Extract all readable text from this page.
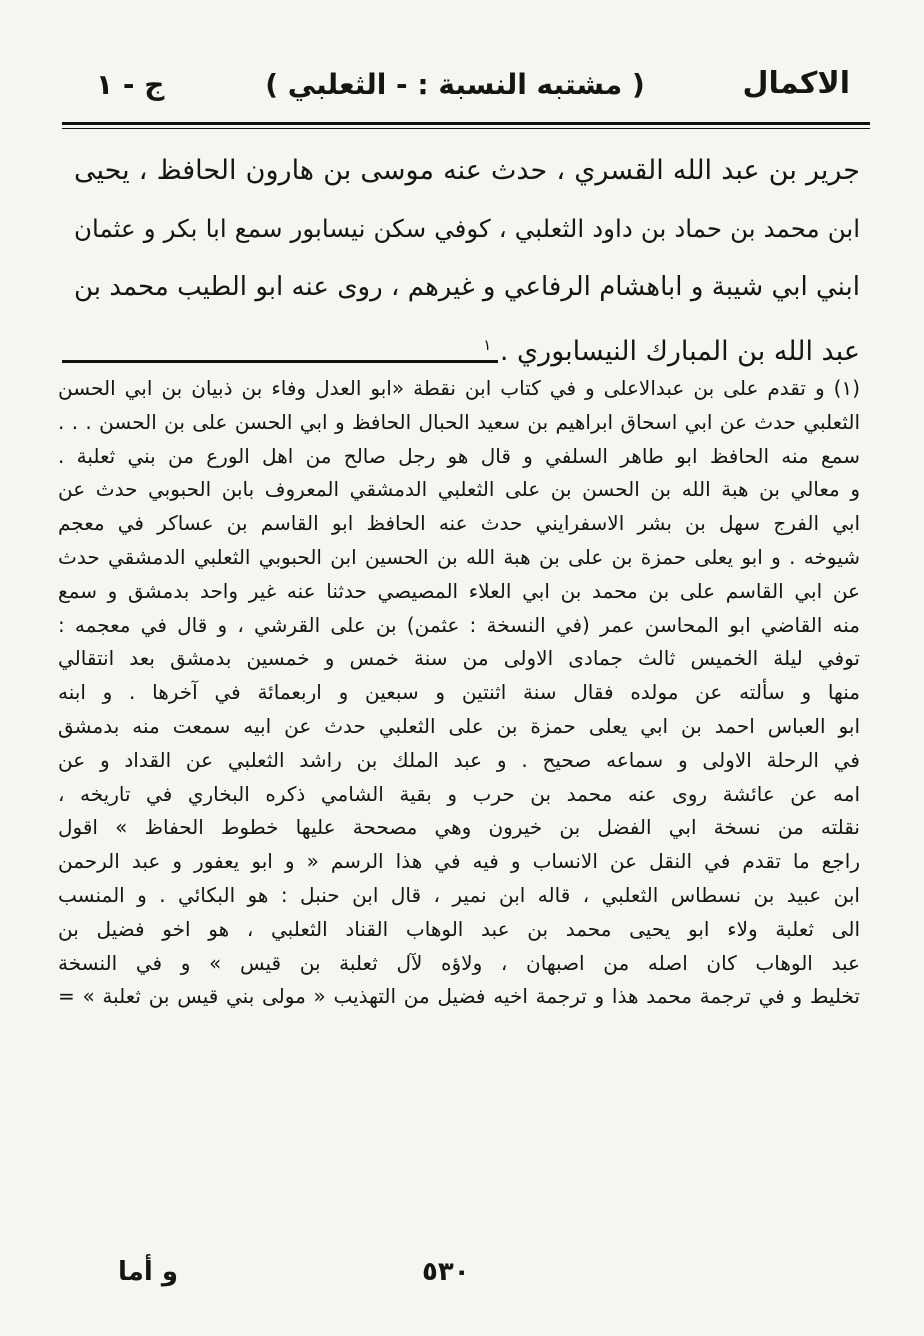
الاكمال
( مشتبه النسبة : - الثعلبي )
ج - ١
جرير بن عبد الله القسري ، حدث عنه موسى بن هارون الحافظ ، يحيى
ابن محمد بن حماد بن داود الثعلبي ، كوفي سكن نيسابور سمع ابا بكر و عثمان
ابني ابي شيبة و اباهشام الرفاعي و غيرهم ، روى عنه ابو الطيب محمد بن
عبد الله بن المبارك النيسابوري . $^١$
(١) و تقدم على بن عبدالاعلى و في كتاب ابن نقطة «ابو العدل وفاء بن ذبيان بن ابي الحسن
الثعلبي حدث عن ابي اسحاق ابراهيم بن سعيد الحبال الحافظ و ابي الحسن على بن الحسن . . .
سمع منه الحافظ ابو طاهر السلفي و قال هو رجل صالح من اهل الورع من بني ثعلبة .
و معالي بن هبة الله بن الحسن بن على الثعلبي الدمشقي المعروف بابن الحبوبي حدث عن
ابي الفرج سهل بن بشر الاسفرايني حدث عنه الحافظ ابو القاسم بن عساكر في معجم
شيوخه . و ابو يعلى حمزة بن على بن هبة الله بن الحسين ابن الحبوبي الثعلبي الدمشقي حدث
عن ابي القاسم على بن محمد بن ابي العلاء المصيصي حدثنا عنه غير واحد بدمشق و سمع
منه القاضي ابو المحاسن عمر (في النسخة : عثمن) بن على القرشي ، و قال في معجمه :
توفي ليلة الخميس ثالث جمادى الاولى من سنة خمس و خمسين بدمشق بعد انتقالي
منها و سألته عن مولده فقال سنة اثنتين و سبعين و اربعمائة في آخرها . و ابنه
ابو العباس احمد بن ابي يعلى حمزة بن على الثعلبي حدث عن ابيه سمعت منه بدمشق
في الرحلة الاولى و سماعه صحيح . و عبد الملك بن راشد الثعلبي عن القداد و عن
امه عن عائشة روى عنه محمد بن حرب و بقية الشامي ذكره البخاري في تاريخه ،
نقلته من نسخة ابي الفضل بن خيرون وهي مصححة عليها خطوط الحفاظ » اقول
راجع ما تقدم في النقل عن الانساب و فيه في هذا الرسم « و ابو يعفور و عبد الرحمن
ابن عبيد بن نسطاس الثعلبي ، قاله ابن نمير ، قال ابن حنبل : هو البكائي . و المنسب
الى ثعلبة ولاء ابو يحيى محمد بن عبد الوهاب القناد الثعلبي ، هو اخو فضيل بن
عبد الوهاب كان اصله من اصبهان ، ولاؤه لآل ثعلبة بن قيس » و في النسخة
تخليط و في ترجمة محمد هذا و ترجمة اخيه فضيل من التهذيب « مولى بني قيس بن ثعلبة » =
٥٣٠
و أما
